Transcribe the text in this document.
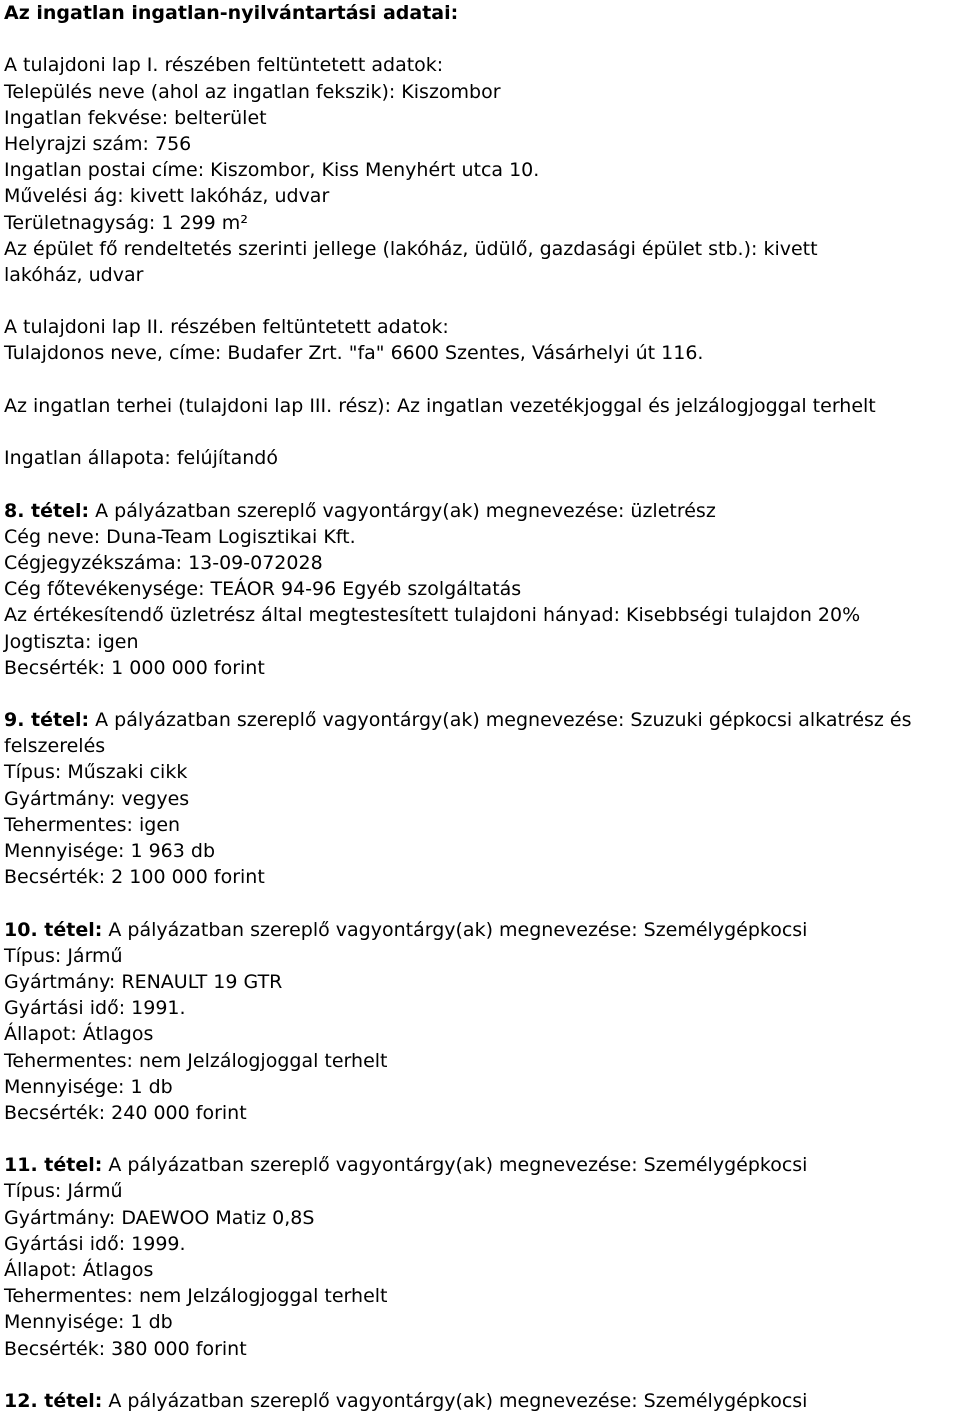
Az ingatlan ingatlan-nyilvántartási adatai:
A tulajdoni lap I. részében feltüntetett adatok:
Település neve (ahol az ingatlan fekszik): Kiszombor
Ingatlan fekvése: belterület
Helyrajzi szám: 756
Ingatlan postai címe: Kiszombor, Kiss Menyhért utca 10.
Művelési ág: kivett lakóház, udvar
Területnagyság: 1 299 m²
Az épület fő rendeltetés szerinti jellege (lakóház, üdülő, gazdasági épület stb.): kivett
lakóház, udvar
A tulajdoni lap II. részében feltüntetett adatok:
Tulajdonos neve, címe: Budafer Zrt. "fa" 6600 Szentes, Vásárhelyi út 116.
Az ingatlan terhei (tulajdoni lap III. rész): Az ingatlan vezetékjoggal és jelzálogjoggal terhelt
Ingatlan állapota: felújítandó
8. tétel: A pályázatban szereplő vagyontárgy(ak) megnevezése: üzletrész
Cég neve: Duna-Team Logisztikai Kft.
Cégjegyzékszáma: 13-09-072028
Cég főtevékenysége: TEÁOR 94-96 Egyéb szolgáltatás
Az értékesítendő üzletrész által megtestesített tulajdoni hányad: Kisebbségi tulajdon 20%
Jogtiszta: igen
Becsérték: 1 000 000 forint
9. tétel: A pályázatban szereplő vagyontárgy(ak) megnevezése: Szuzuki gépkocsi alkatrész és
felszerelés
Típus: Műszaki cikk
Gyártmány: vegyes
Tehermentes: igen
Mennyisége: 1 963 db
Becsérték: 2 100 000 forint
10. tétel: A pályázatban szereplő vagyontárgy(ak) megnevezése: Személygépkocsi
Típus: Jármű
Gyártmány: RENAULT 19 GTR
Gyártási idő: 1991.
Állapot: Átlagos
Tehermentes: nem Jelzálogjoggal terhelt
Mennyisége: 1 db
Becsérték: 240 000 forint
11. tétel: A pályázatban szereplő vagyontárgy(ak) megnevezése: Személygépkocsi
Típus: Jármű
Gyártmány: DAEWOO Matiz 0,8S
Gyártási idő: 1999.
Állapot: Átlagos
Tehermentes: nem Jelzálogjoggal terhelt
Mennyisége: 1 db
Becsérték: 380 000 forint
12. tétel: A pályázatban szereplő vagyontárgy(ak) megnevezése: Személygépkocsi
